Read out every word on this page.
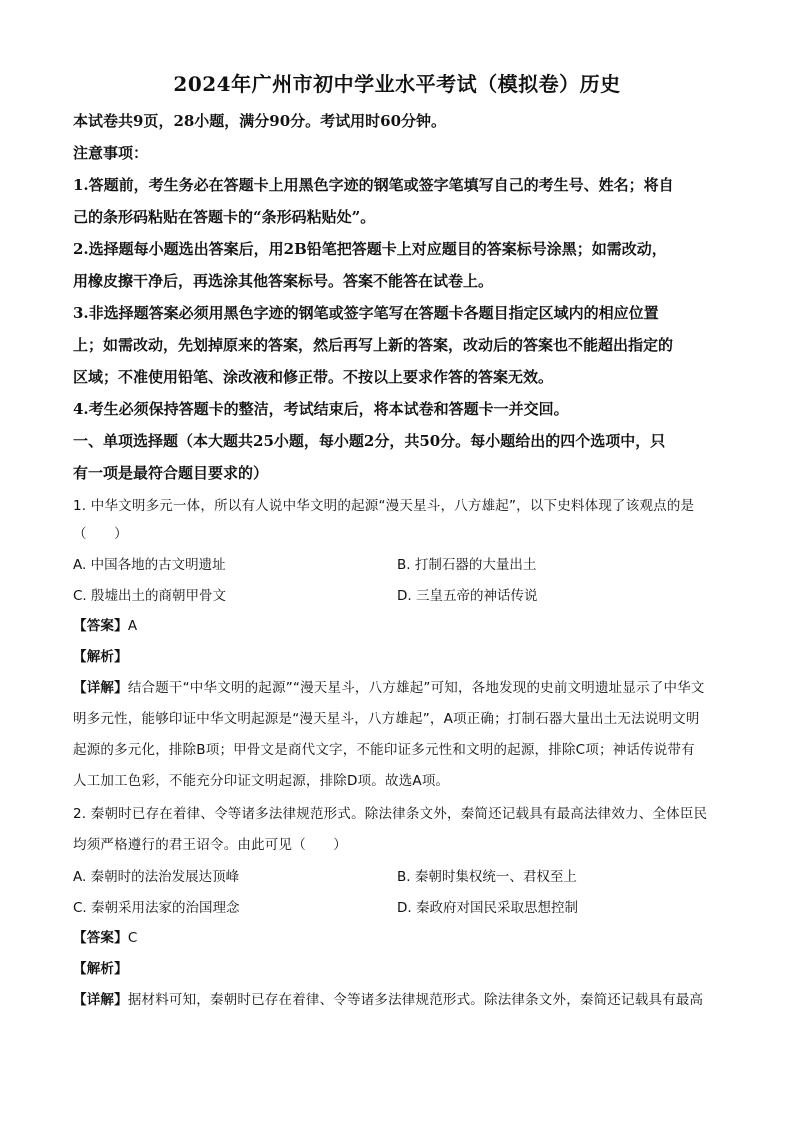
2024年广州市初中学业水平考试（模拟卷）历史
本试卷共9页，28小题，满分90分。考试用时60分钟。
注意事项：
1.答题前，考生务必在答题卡上用黑色字迹的钢笔或签字笔填写自己的考生号、姓名；将自
己的条形码粘贴在答题卡的“条形码粘贴处”。
2.选择题每小题选出答案后，用2B铅笔把答题卡上对应题目的答案标号涂黑；如需改动，
用橡皮擦干净后，再选涂其他答案标号。答案不能答在试卷上。
3.非选择题答案必须用黑色字迹的钢笔或签字笔写在答题卡各题目指定区域内的相应位置
上；如需改动，先划掉原来的答案，然后再写上新的答案，改动后的答案也不能超出指定的
区域；不准使用铅笔、涂改液和修正带。不按以上要求作答的答案无效。
4.考生必须保持答题卡的整洁，考试结束后，将本试卷和答题卡一并交回。
一、单项选择题（本大题共25小题，每小题2分，共50分。每小题给出的四个选项中，只
有一项是最符合题目要求的）
1. 中华文明多元一体，所以有人说中华文明的起源“漫天星斗，八方雄起”，以下史料体现了该观点的是
（　　）
A. 中国各地的古文明遗址	B. 打制石器的大量出土
C. 殷墟出土的商朝甲骨文	D. 三皇五帝的神话传说
【答案】A
【解析】
【详解】结合题干“中华文明的起源”“漫天星斗，八方雄起”可知，各地发现的史前文明遗址显示了中华文
明多元性，能够印证中华文明起源是“漫天星斗，八方雄起”，A项正确；打制石器大量出土无法说明文明
起源的多元化，排除B项；甲骨文是商代文字，不能印证多元性和文明的起源，排除C项；神话传说带有
人工加工色彩，不能充分印证文明起源，排除D项。故选A项。
2. 秦朝时已存在着律、令等诸多法律规范形式。除法律条文外，秦简还记载具有最高法律效力、全体臣民
均须严格遵行的君王诏令。由此可见（　　）
A. 秦朝时的法治发展达顶峰	B. 秦朝时集权统一、君权至上
C. 秦朝采用法家的治国理念	D. 秦政府对国民采取思想控制
【答案】C
【解析】
【详解】据材料可知，秦朝时已存在着律、令等诸多法律规范形式。除法律条文外，秦简还记载具有最高
